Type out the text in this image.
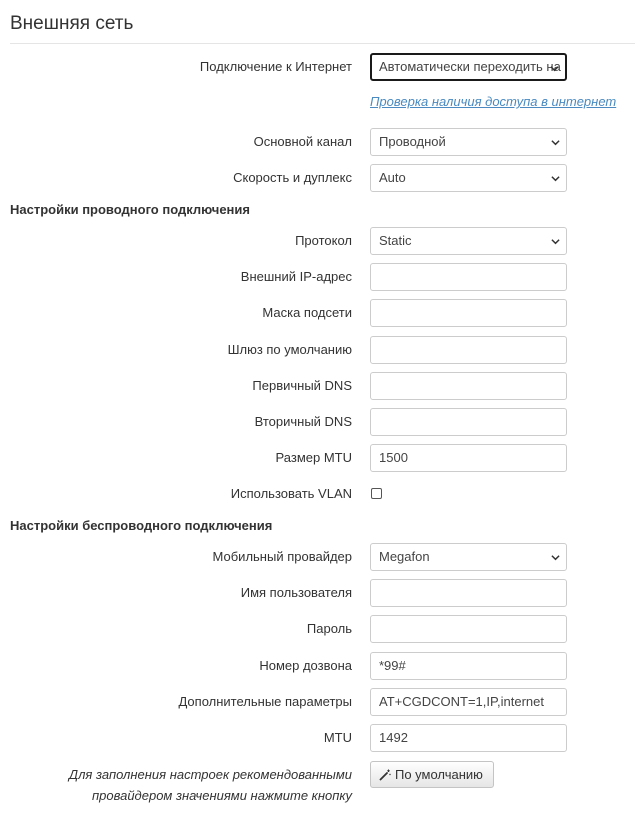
Внешняя сеть
Подключение к Интернет Автоматически переходить на
Проверка наличия доступа в интернет
Основной канал Проводной
Скорость и дуплекс Auto
Настройки проводного подключения
Протокол Static
Внешний IP-адрес
Маска подсети
Шлюз по умолчанию
Первичный DNS
Вторичный DNS
Размер MTU	1500
Использовать VLAN
Настройки беспроводного подключения
Мобильный провайдер Megafon
Имя пользователя
Пароль
Номер дозвона	*99#
Дополнительные параметры	AT+CGDCONT=1,IP,internet
MTU	1492
Для заполнения настроек рекомендованными
провайдером значениями нажмите кнопку
По умолчанию
